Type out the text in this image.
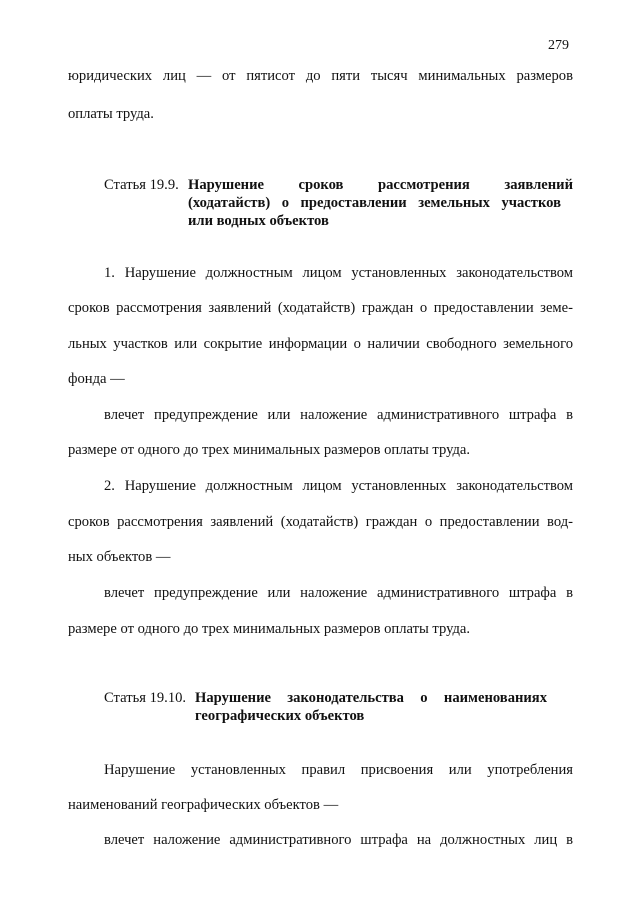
279
юридических лиц — от пятисот до пяти тысяч минимальных размеров
оплаты труда.
Статья 19.9. Нарушение сроков рассмотрения заявлений
(ходатайств) о предоставлении земельных участков
или водных объектов
1. Нарушение должностным лицом установленных законодательством
сроков рассмотрения заявлений (ходатайств) граждан о предоставлении земе-
льных участков или сокрытие информации о наличии свободного земельного
фонда —
влечет предупреждение или наложение административного штрафа в
размере от одного до трех минимальных размеров оплаты труда.
2. Нарушение должностным лицом установленных законодательством
сроков рассмотрения заявлений (ходатайств) граждан о предоставлении вод-
ных объектов —
влечет предупреждение или наложение административного штрафа в
размере от одного до трех минимальных размеров оплаты труда.
Статья 19.10. Нарушение законодательства о наименованиях
географических объектов
Нарушение установленных правил присвоения или употребления
наименований географических объектов —
влечет наложение административного штрафа на должностных лиц в
